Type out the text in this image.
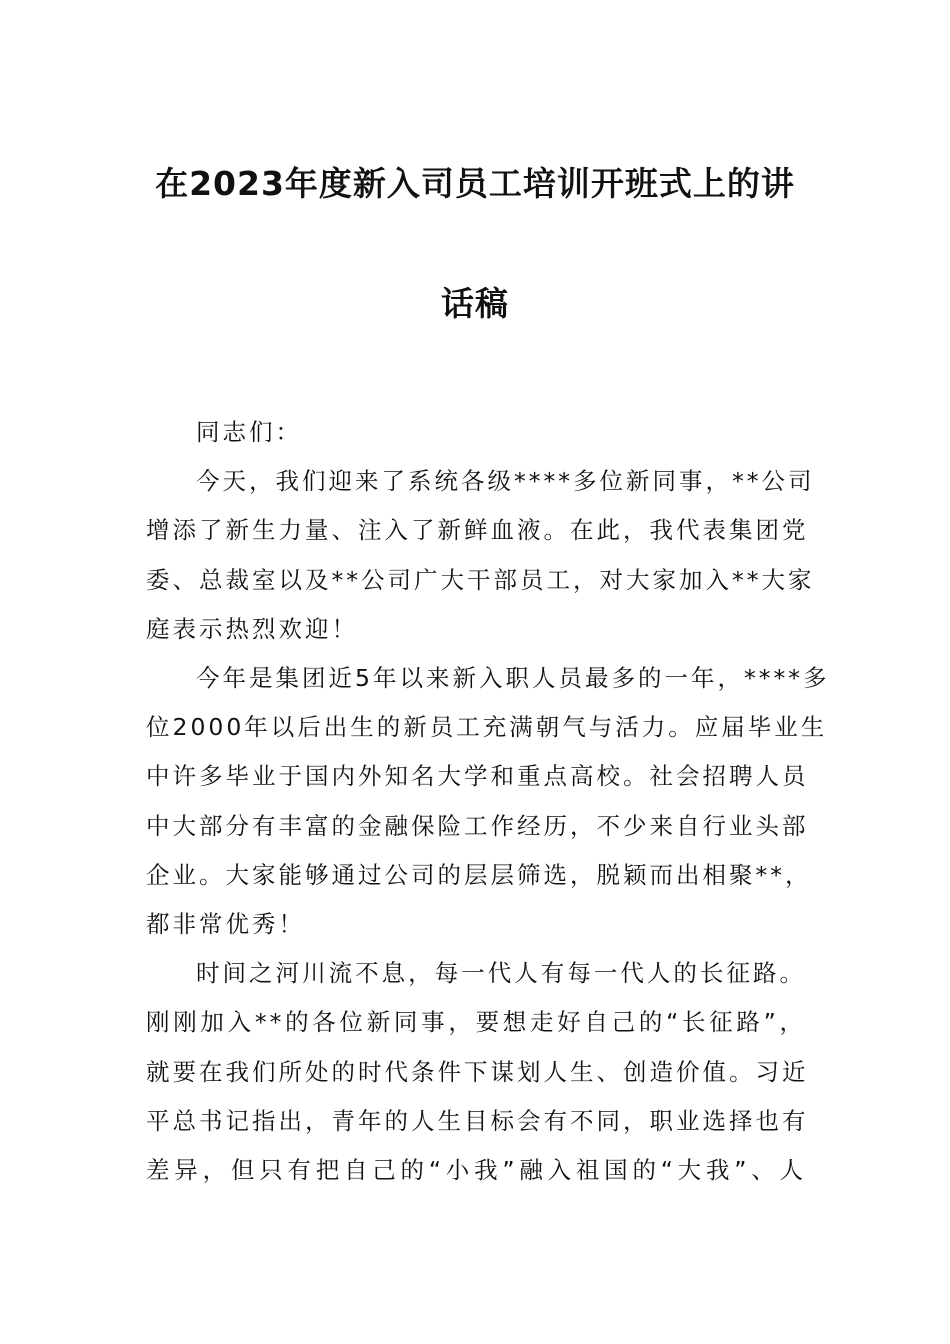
在2023年度新入司员工培训开班式上的讲
话稿
同志们：
今天，我们迎来了系统各级****多位新同事，**公司
增添了新生力量、注入了新鲜血液。在此，我代表集团党
委、总裁室以及**公司广大干部员工，对大家加入**大家
庭表示热烈欢迎！
今年是集团近5年以来新入职人员最多的一年，****多
位2000年以后出生的新员工充满朝气与活力。应届毕业生
中许多毕业于国内外知名大学和重点高校。社会招聘人员
中大部分有丰富的金融保险工作经历，不少来自行业头部
企业。大家能够通过公司的层层筛选，脱颖而出相聚**，
都非常优秀！
时间之河川流不息，每一代人有每一代人的长征路。
刚刚加入**的各位新同事，要想走好自己的“长征路”，
就要在我们所处的时代条件下谋划人生、创造价值。习近
平总书记指出，青年的人生目标会有不同，职业选择也有
差异，但只有把自己的“小我”融入祖国的“大我”、人
